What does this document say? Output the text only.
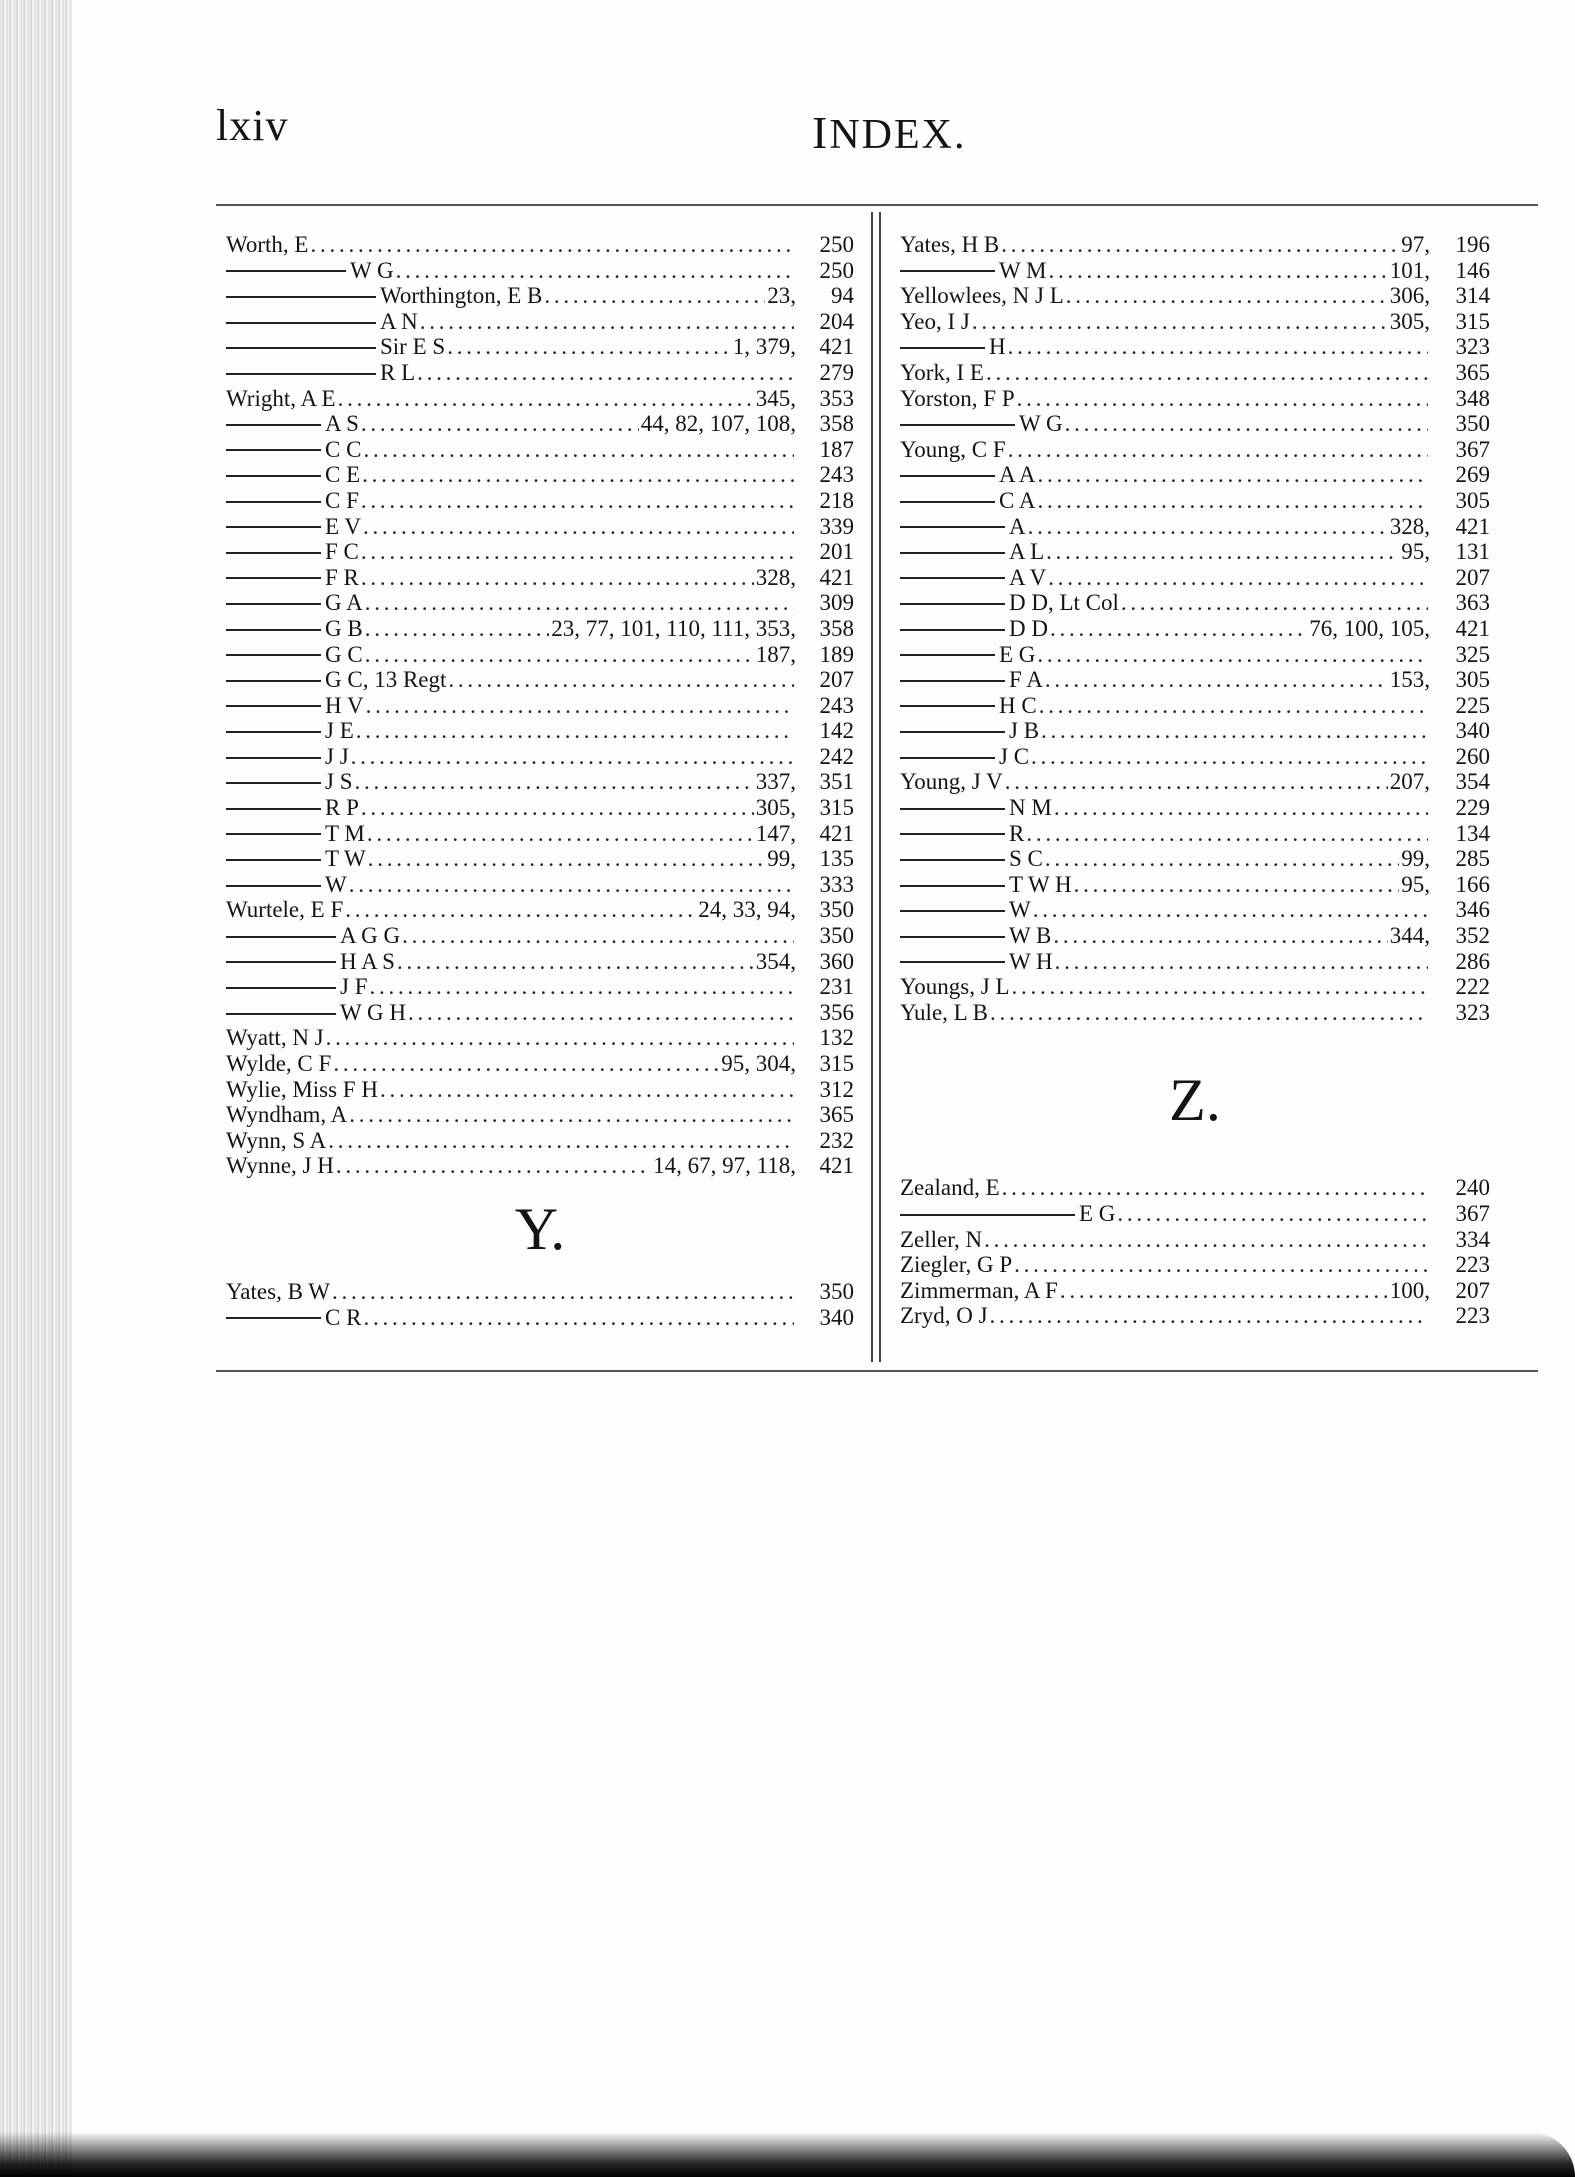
lxiv	INDEX.
Worth, E . . .	250
W G . . .	250
Worthington, E B . . .	23,	94
A N . . .	204
Sir E S . . .	1, 379,	421
R L . . .	279
Wright, A E . . .	345,	353
A S . . .	44, 82, 107, 108,	358
C C . . .	187
C E . . .	243
C F . . .	218
E V . . .	339
F C . . .	201
F R . . .	328,	421
G A . . .	309
G B . . .	23, 77, 101, 110, 111, 353,	358
G C . . .	187,	189
G C, 13 Regt . . .	207
H V . . .	243
J E . . .	142
J J . . .	242
J S . . .	337,	351
R P . . .	305,	315
T M . . .	147,	421
T W . . .	99,	135
W . . .	333
Wurtele, E F . . .	24, 33, 94,	350
A G G . . .	350
H A S . . .	354,	360
J F . . .	231
W G H . . .	356
Wyatt, N J . . .	132
Wylde, C F . . .	95, 304,	315
Wylie, Miss F H . . .	312
Wyndham, A . . .	365
Wynn, S A . . .	232
Wynne, J H . . .	14, 67, 97, 118,	421
Y.
Yates, B W . . .	350
C R . . .	340
Yates, H B . . .	97,	196
W M . . .	101,	146
Yellowlees, N J L . . .	306,	314
Yeo, I J . . .	305,	315
H . . .	323
York, I E . . .	365
Yorston, F P . . .	348
W G . . .	350
Young, C F . . .	367
A A . . .	269
C A . . .	305
A . . .	328,	421
A L . . .	95,	131
A V . . .	207
D D, Lt Col . . .	363
D D . . .	76, 100, 105,	421
E G . . .	325
F A . . .	153,	305
H C . . .	225
J B . . .	340
J C . . .	260
Young, J V . . .	207,	354
N M . . .	229
R . . .	134
S C . . .	99,	285
T W H . . .	95,	166
W . . .	346
W B . . .	344,	352
W H . . .	286
Youngs, J L . . .	222
Yule, L B . . .	323
Z.
Zealand, E . . .	240
E G . . .	367
Zeller, N . . .	334
Ziegler, G P . . .	223
Zimmerman, A F . . .	100,	207
Zryd, O J . . .	223
